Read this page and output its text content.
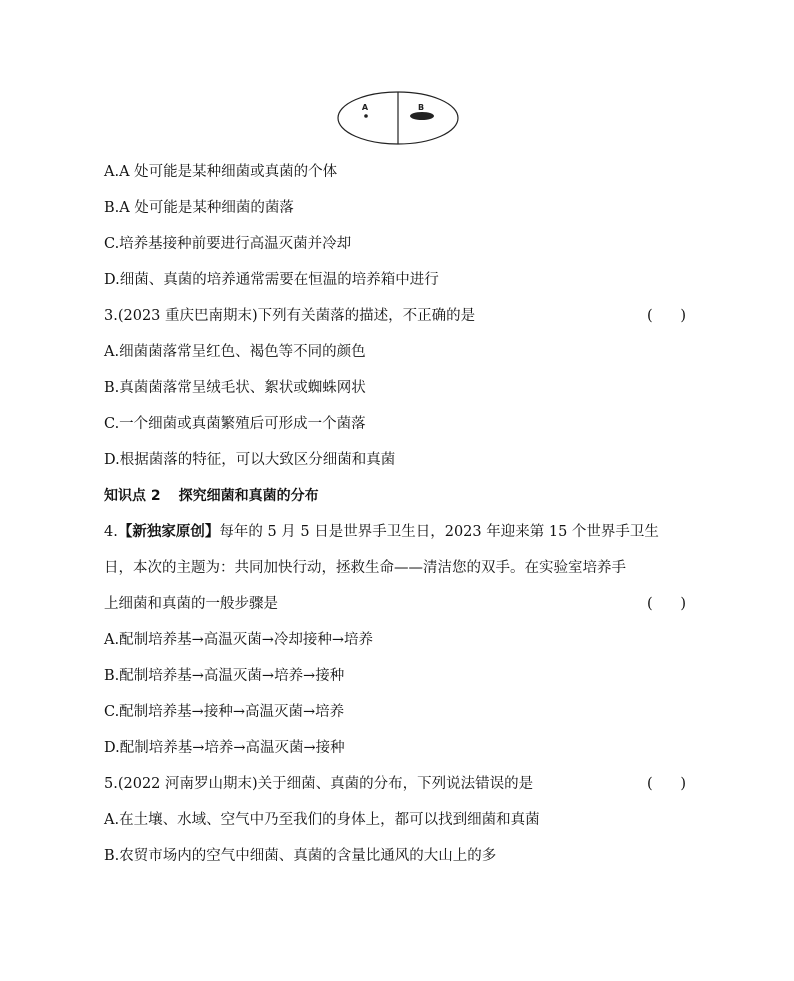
A	B
A.A 处可能是某种细菌或真菌的个体
B.A 处可能是某种细菌的菌落
C.培养基接种前要进行高温灭菌并冷却
D.细菌、真菌的培养通常需要在恒温的培养箱中进行
3.(2023 重庆巴南期末)下列有关菌落的描述，不正确的是	(      )
A.细菌菌落常呈红色、褐色等不同的颜色
B.真菌菌落常呈绒毛状、絮状或蜘蛛网状
C.一个细菌或真菌繁殖后可形成一个菌落
D.根据菌落的特征，可以大致区分细菌和真菌
知识点 2 探究细菌和真菌的分布
4.【新独家原创】每年的 5 月 5 日是世界手卫生日，2023 年迎来第 15 个世界手卫生
日，本次的主题为：共同加快行动，拯救生命——清洁您的双手。在实验室培养手
上细菌和真菌的一般步骤是	(      )
A.配制培养基→高温灭菌→冷却接种→培养
B.配制培养基→高温灭菌→培养→接种
C.配制培养基→接种→高温灭菌→培养
D.配制培养基→培养→高温灭菌→接种
5.(2022 河南罗山期末)关于细菌、真菌的分布，下列说法错误的是	(      )
A.在土壤、水域、空气中乃至我们的身体上，都可以找到细菌和真菌
B.农贸市场内的空气中细菌、真菌的含量比通风的大山上的多
